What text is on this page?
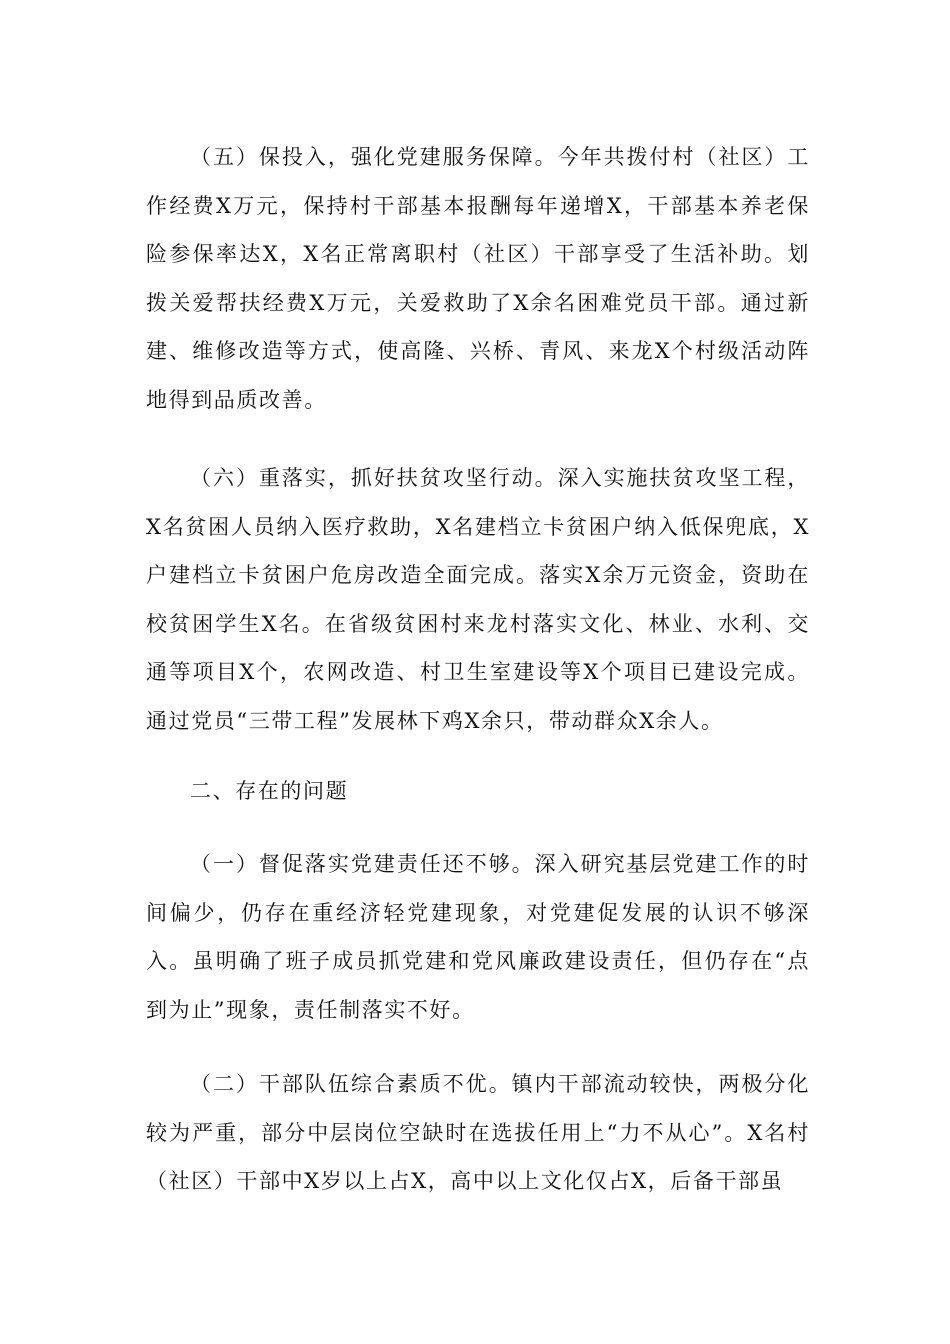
（五）保投入，强化党建服务保障。今年共拨付村（社区）工作经费X万元，保持村干部基本报酬每年递增X，干部基本养老保险参保率达X，X名正常离职村（社区）干部享受了生活补助。划拨关爱帮扶经费X万元，关爱救助了X余名困难党员干部。通过新建、维修改造等方式，使高隆、兴桥、青风、来龙X个村级活动阵地得到品质改善。

（六）重落实，抓好扶贫攻坚行动。深入实施扶贫攻坚工程，X名贫困人员纳入医疗救助，X名建档立卡贫困户纳入低保兜底，X户建档立卡贫困户危房改造全面完成。落实X余万元资金，资助在校贫困学生X名。在省级贫困村来龙村落实文化、林业、水利、交通等项目X个，农网改造、村卫生室建设等X个项目已建设完成。通过党员“三带工程”发展林下鸡X余只，带动群众X余人。

二、存在的问题

（一）督促落实党建责任还不够。深入研究基层党建工作的时间偏少，仍存在重经济轻党建现象，对党建促发展的认识不够深入。虽明确了班子成员抓党建和党风廉政建设责任，但仍存在“点到为止”现象，责任制落实不好。

（二）干部队伍综合素质不优。镇内干部流动较快，两极分化较为严重，部分中层岗位空缺时在选拔任用上“力不从心”。X名村（社区）干部中X岁以上占X，高中以上文化仅占X，后备干部虽
